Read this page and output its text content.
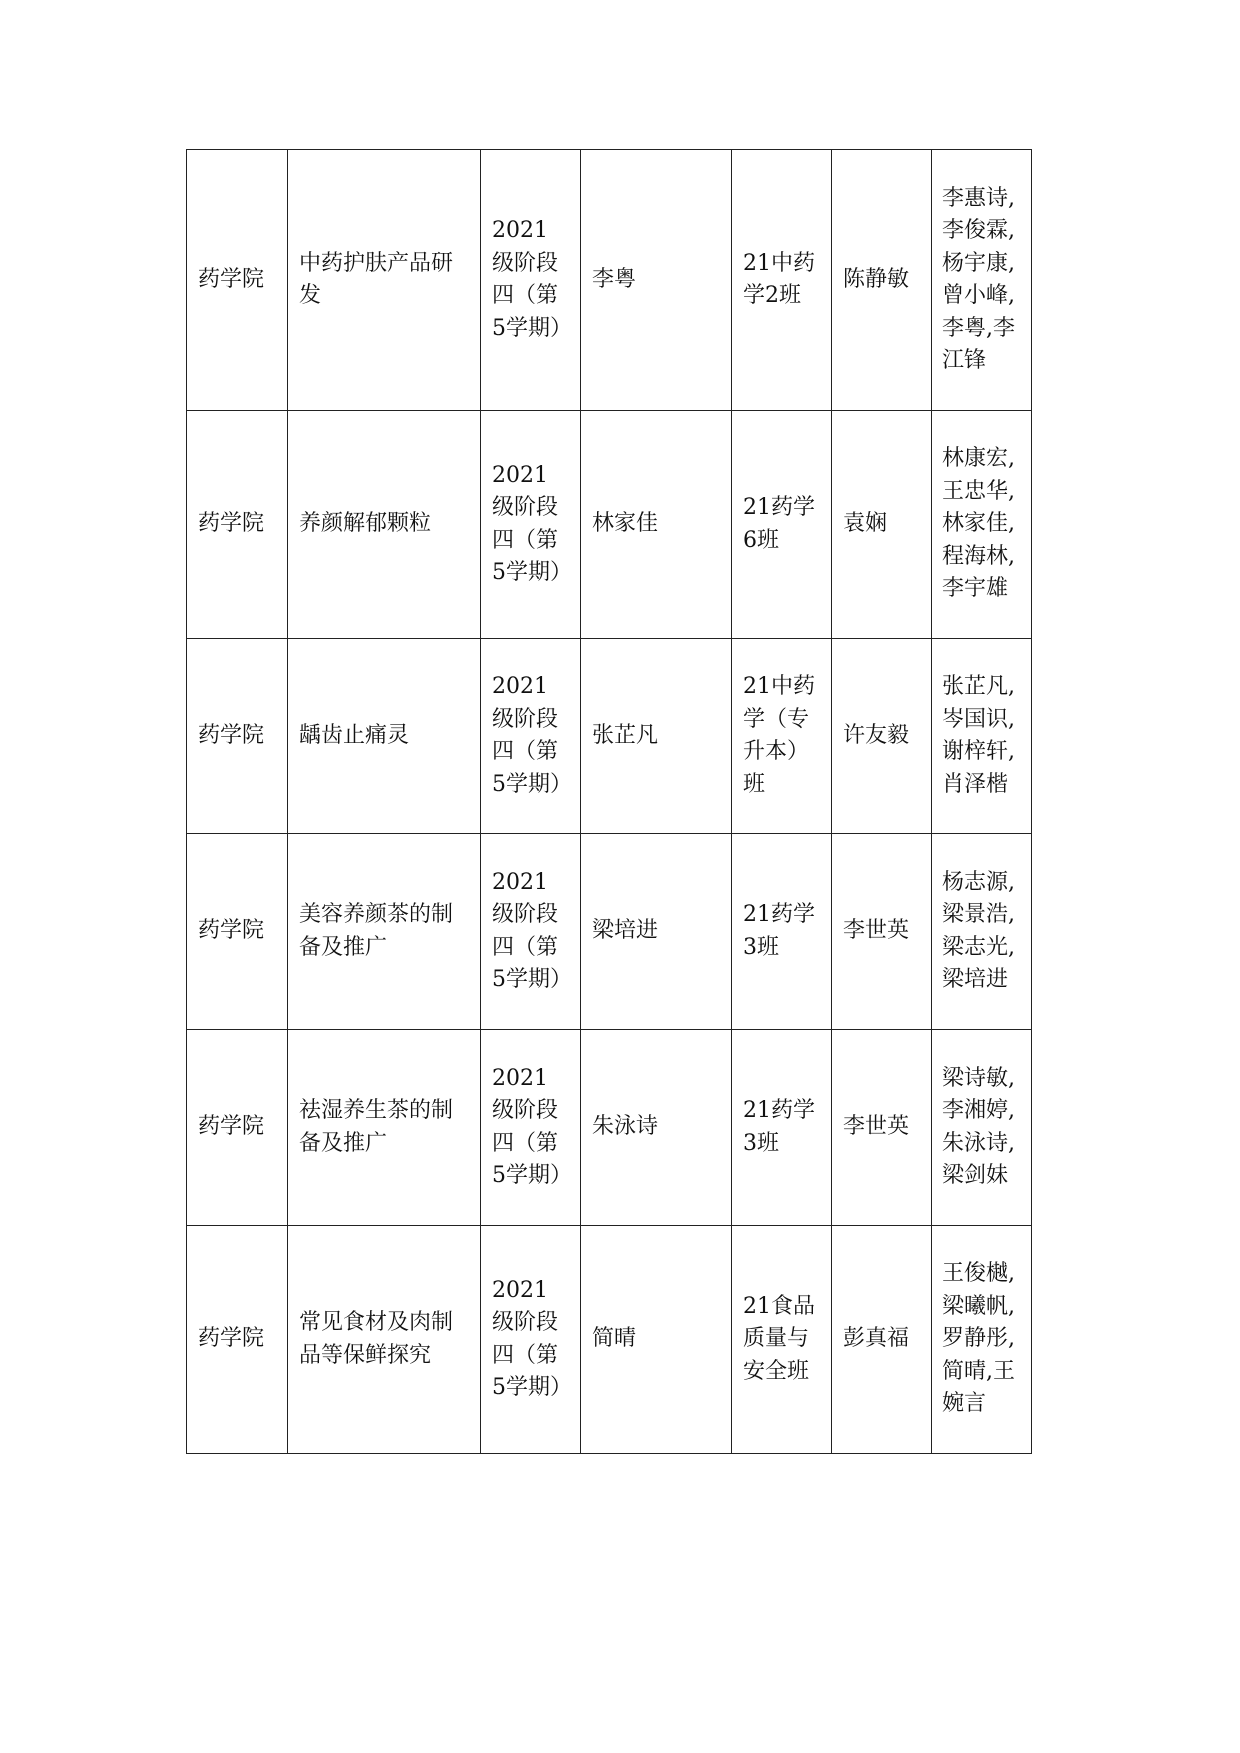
药学院	中药护肤产品研发	2021级阶段四（第5学期）	李粤	21中药学2班	陈静敏	李惠诗,李俊霖,杨宇康,曾小峰,李粤,李江锋
药学院	养颜解郁颗粒	2021级阶段四（第5学期）	林家佳	21药学6班	袁娴	林康宏,王忠华,林家佳,程海林,李宇雄
药学院	龋齿止痛灵	2021级阶段四（第5学期）	张芷凡	21中药学（专升本）班	许友毅	张芷凡,岑国识,谢梓轩,肖泽楷
药学院	美容养颜茶的制备及推广	2021级阶段四（第5学期）	梁培进	21药学3班	李世英	杨志源,梁景浩,梁志光,梁培进
药学院	祛湿养生茶的制备及推广	2021级阶段四（第5学期）	朱泳诗	21药学3班	李世英	梁诗敏,李湘婷,朱泳诗,梁剑妹
药学院	常见食材及肉制品等保鲜探究	2021级阶段四（第5学期）	简晴	21食品质量与安全班	彭真福	王俊樾,梁曦帆,罗静彤,简晴,王婉言
